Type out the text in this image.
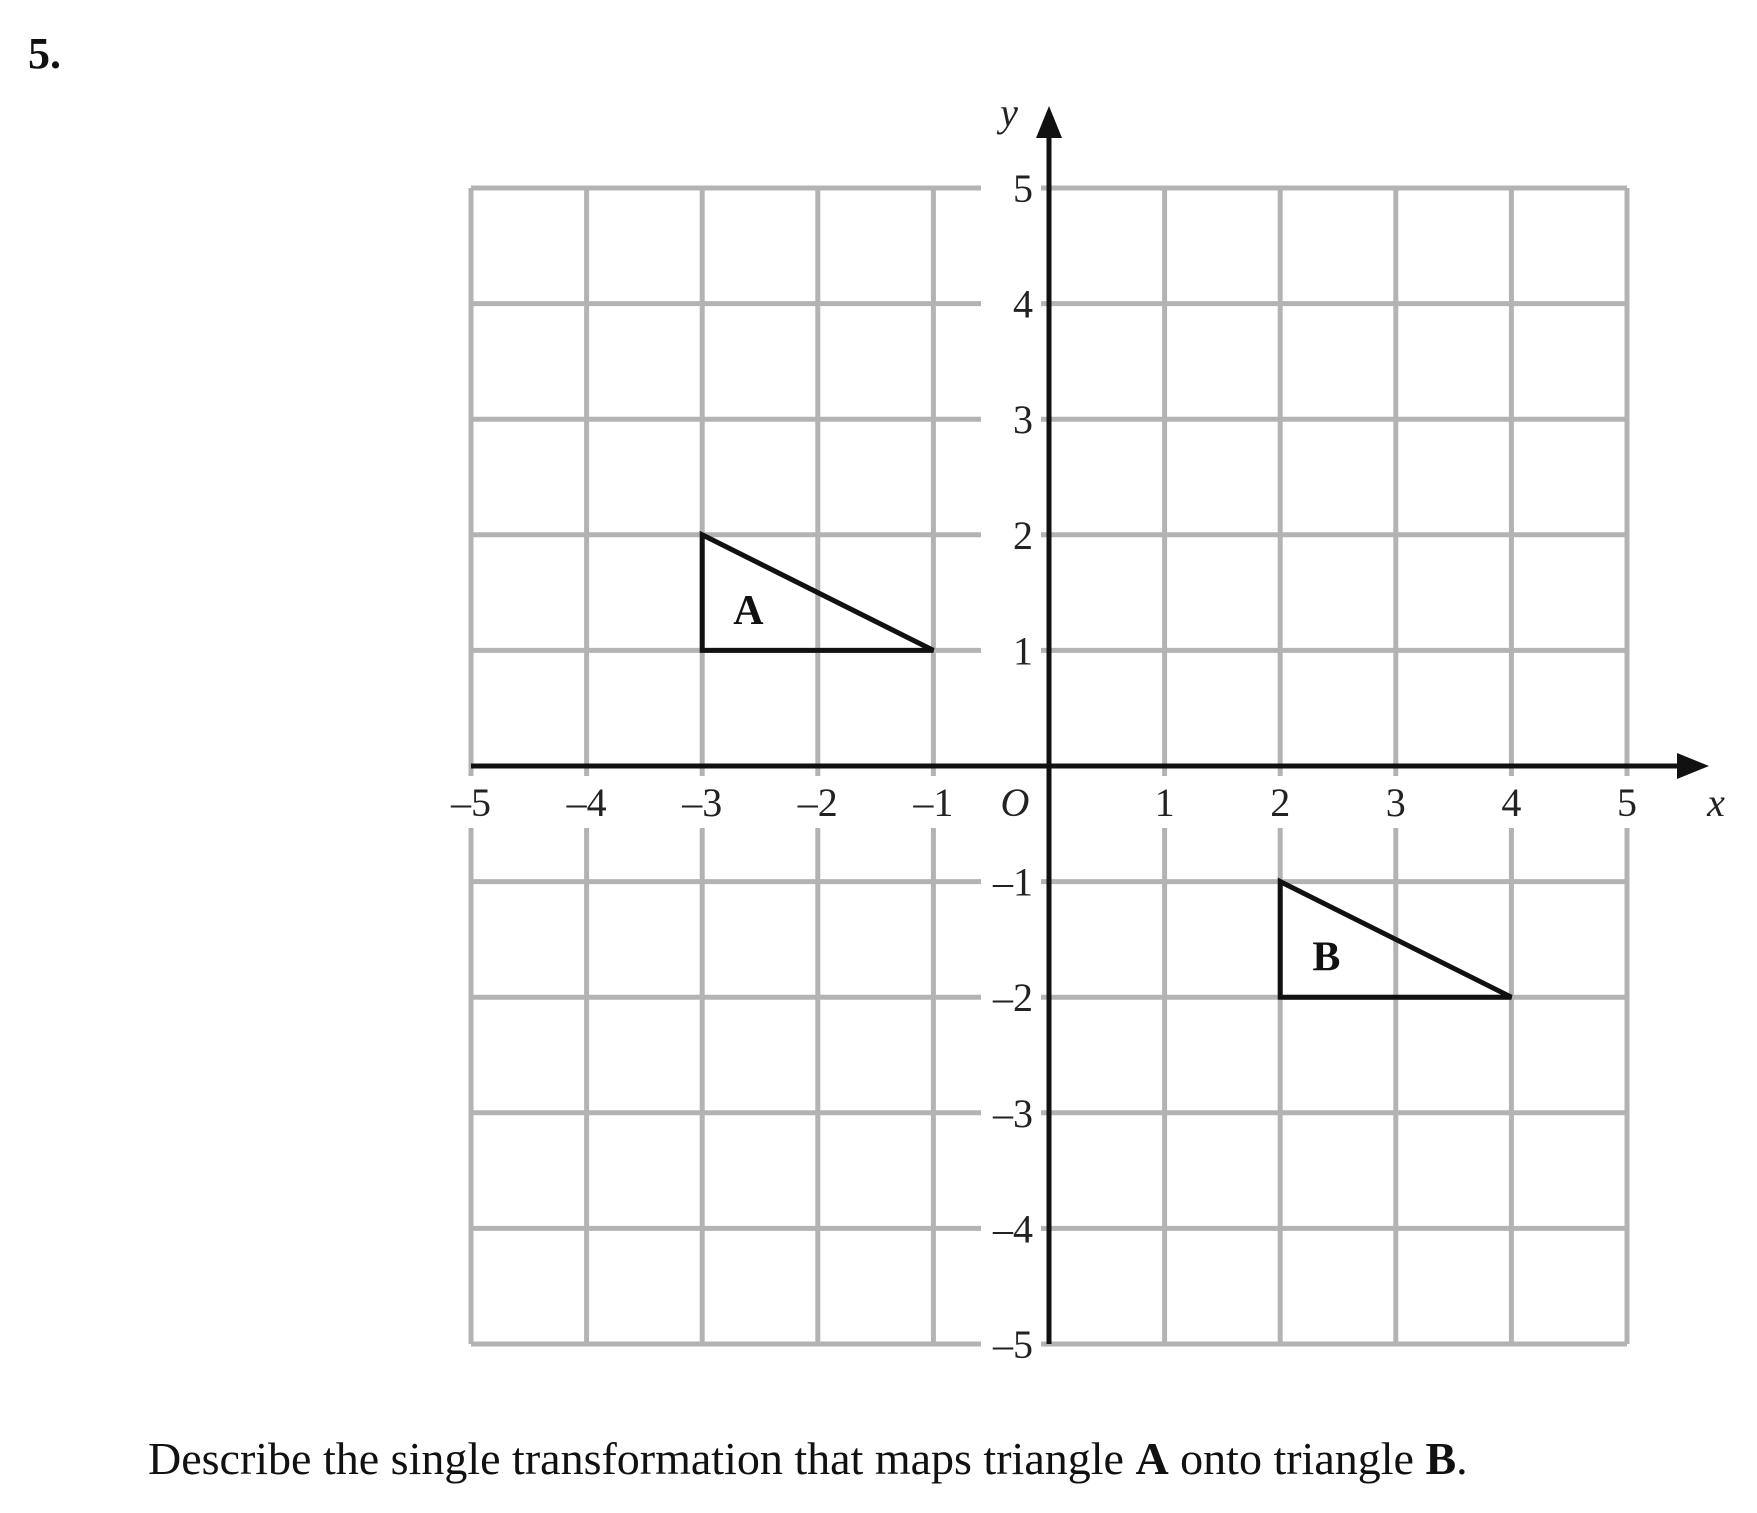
5.
–5 –4 –3 –2 –1	1 2 3 4 5
5
4
3
2
1
–1
–2
–3
–4
–5
O	x
y
A
B
Describe the single transformation that maps triangle A onto triangle B.
